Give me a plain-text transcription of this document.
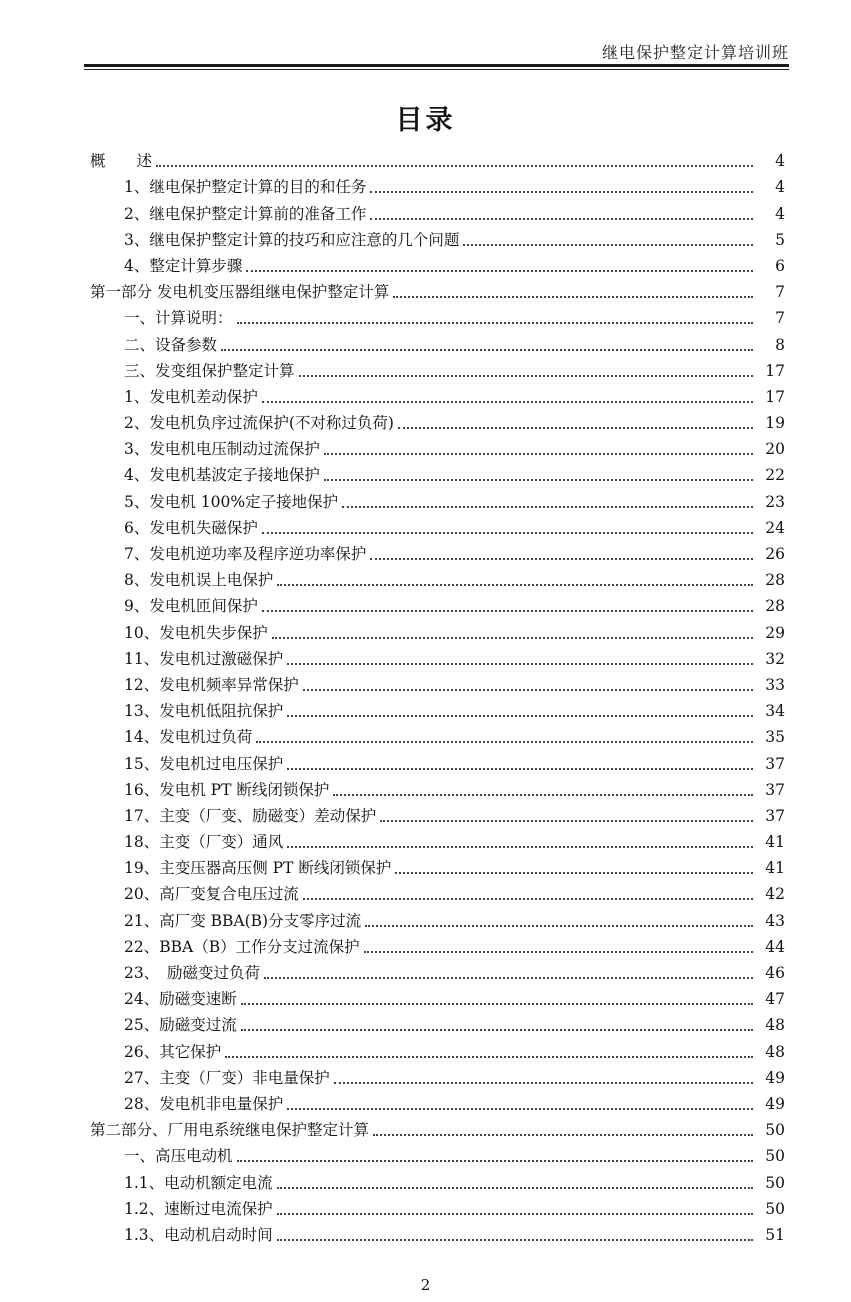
继电保护整定计算培训班
目录
概　　述	4
1、继电保护整定计算的目的和任务	4
2、继电保护整定计算前的准备工作	4
3、继电保护整定计算的技巧和应注意的几个问题	5
4、整定计算步骤	6
第一部分 发电机变压器组继电保护整定计算	7
一、计算说明：	7
二、设备参数	8
三、发变组保护整定计算	17
1、发电机差动保护	17
2、发电机负序过流保护(不对称过负荷)	19
3、发电机电压制动过流保护	20
4、发电机基波定子接地保护	22
5、发电机 100%定子接地保护	23
6、发电机失磁保护	24
7、发电机逆功率及程序逆功率保护	26
8、发电机误上电保护	28
9、发电机匝间保护	28
10、发电机失步保护	29
11、发电机过激磁保护	32
12、发电机频率异常保护	33
13、发电机低阻抗保护	34
14、发电机过负荷	35
15、发电机过电压保护	37
16、发电机 PT 断线闭锁保护	37
17、主变（厂变、励磁变）差动保护	37
18、主变（厂变）通风	41
19、主变压器高压侧 PT 断线闭锁保护	41
20、高厂变复合电压过流	42
21、高厂变 BBA(B)分支零序过流	43
22、BBA（B）工作分支过流保护	44
23、　励磁变过负荷	46
24、励磁变速断	47
25、励磁变过流	48
26、其它保护	48
27、主变（厂变）非电量保护	49
28、发电机非电量保护	49
第二部分、厂用电系统继电保护整定计算	50
一、高压电动机	50
1.1、电动机额定电流	50
1.2、速断过电流保护	50
1.3、电动机启动时间	51
2
